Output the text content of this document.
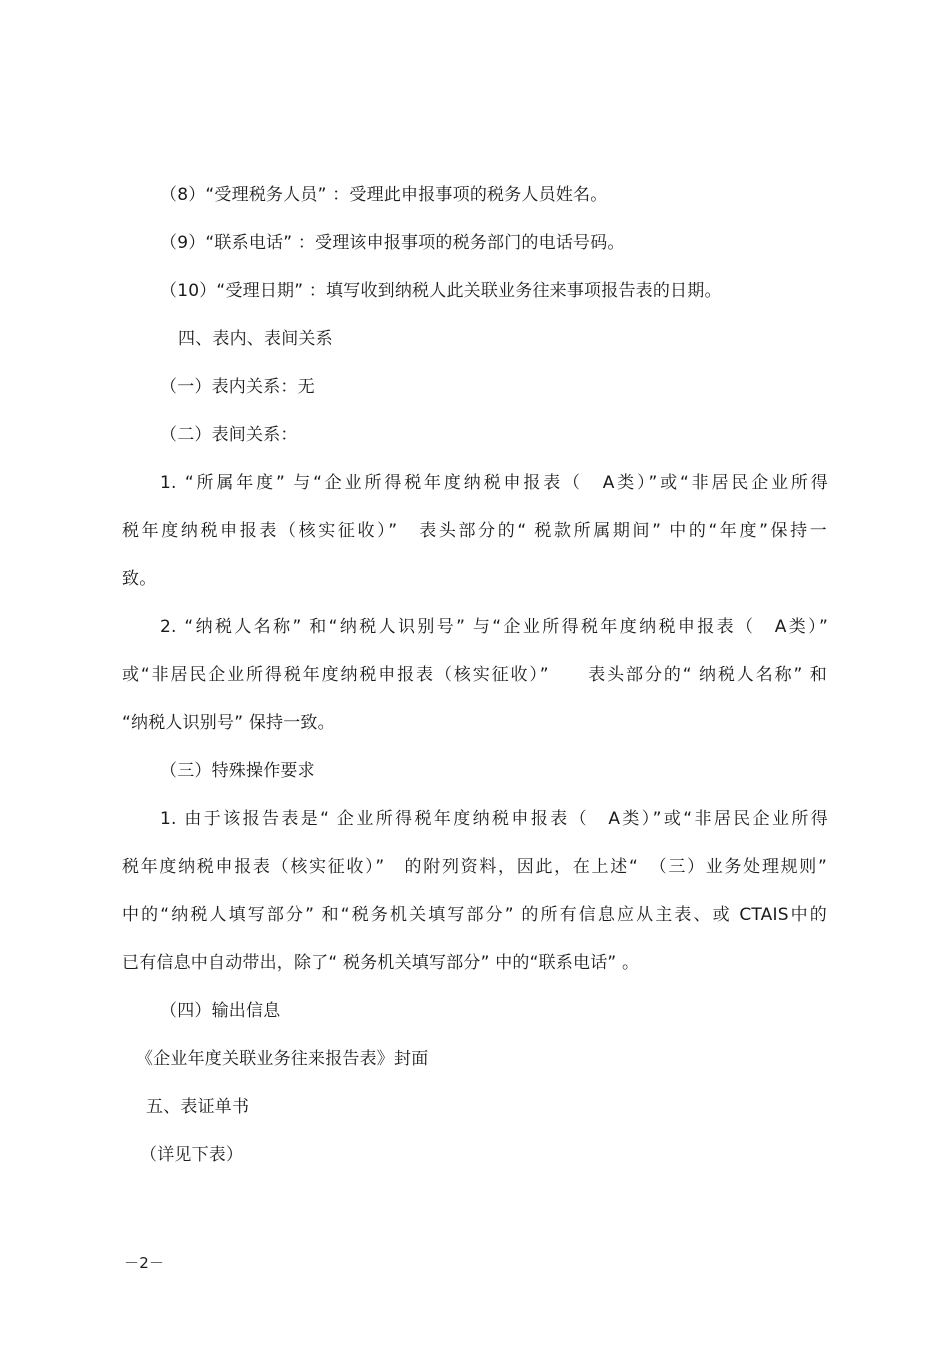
（8）“受理税务人员” ：受理此申报事项的税务人员姓名。
（9）“联系电话” ：受理该申报事项的税务部门的电话号码。
（10）“受理日期” ：填写收到纳税人此关联业务往来事项报告表的日期。
四、表内、表间关系
（一）表内关系：无
（二）表间关系：
1. “所属年度” 与“企业所得税年度纳税申报表（　A类）”或“非居民企业所得
税年度纳税申报表（核实征收）”　表头部分的“ 税款所属期间” 中的“年度”保持一
致。
2. “纳税人名称” 和“纳税人识别号” 与“企业所得税年度纳税申报表（　A类）”
或“非居民企业所得税年度纳税申报表（核实征收）”　　表头部分的“ 纳税人名称” 和
“纳税人识别号” 保持一致。
（三）特殊操作要求
1. 由于该报告表是“ 企业所得税年度纳税申报表（　A类）”或“非居民企业所得
税年度纳税申报表（核实征收）”　的附列资料，因此，在上述“　（三）业务处理规则”
中的“纳税人填写部分” 和“税务机关填写部分” 的所有信息应从主表、或 CTAIS中的
已有信息中自动带出，除了“ 税务机关填写部分” 中的“联系电话” 。
（四）输出信息
《企业年度关联业务往来报告表》封面
五、表证单书
（详见下表）
－2－
